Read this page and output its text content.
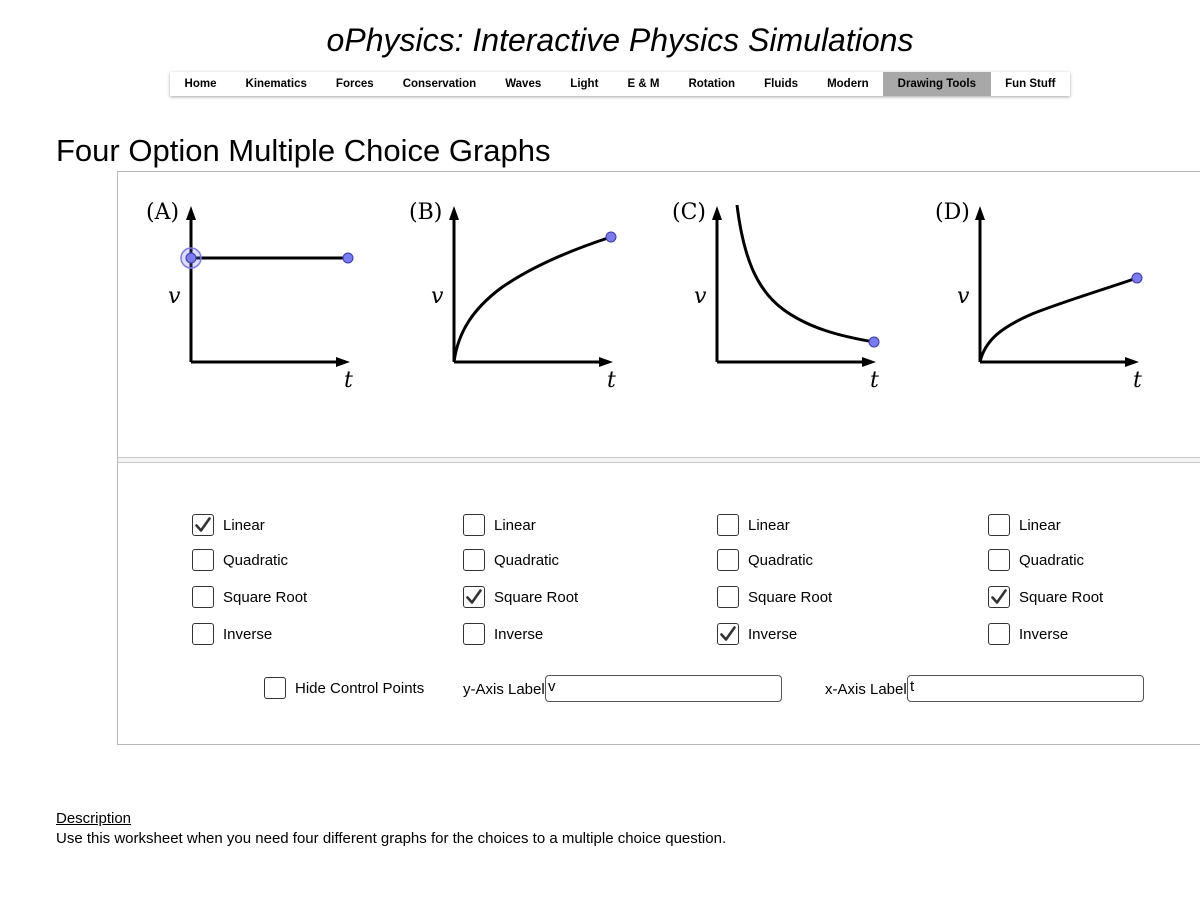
oPhysics: Interactive Physics Simulations
Home	Kinematics	Forces	Conservation	Waves	Light	E & M	Rotation	Fluids	Modern	Drawing Tools	Fun Stuff
Four Option Multiple Choice Graphs
(A)
v
t
(B)
v
t
(C)
v
t
(D)
v
t
Linear
Quadratic
Square Root
Inverse
Linear
Quadratic
Square Root
Inverse
Linear
Quadratic
Square Root
Inverse
Linear
Quadratic
Square Root
Inverse
Hide Control Points	y-Axis Label v	x-Axis Label t
Description
Use this worksheet when you need four different graphs for the choices to a multiple choice question.
